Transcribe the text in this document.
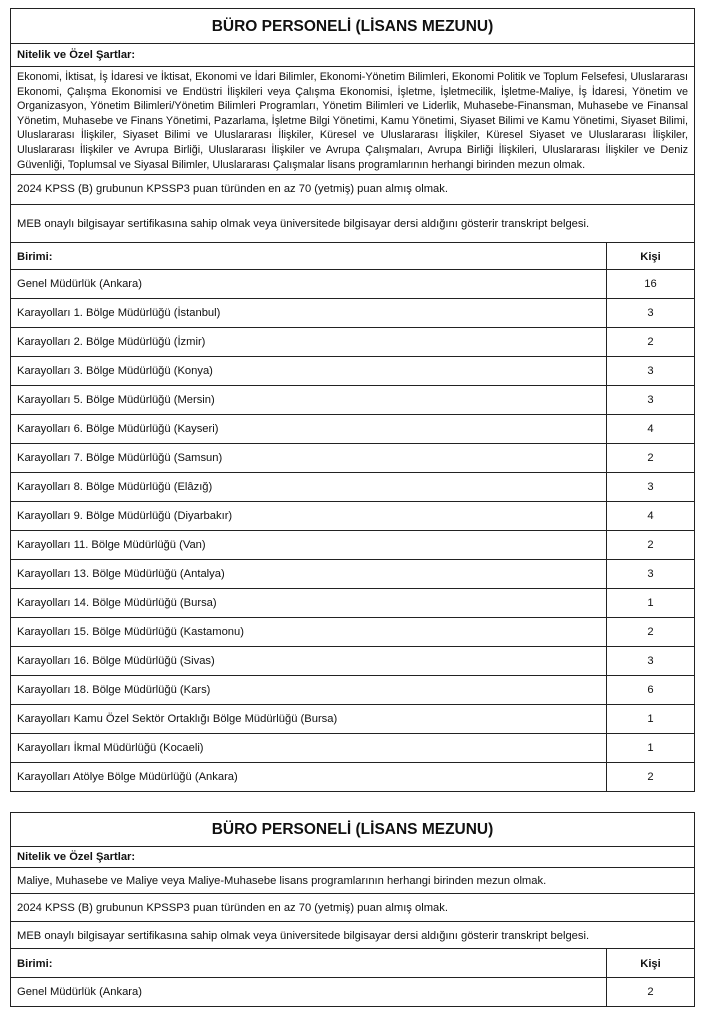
BÜRO PERSONELİ (LİSANS MEZUNU)
Nitelik ve Özel Şartlar:
Ekonomi, İktisat, İş İdaresi ve İktisat, Ekonomi ve İdari Bilimler, Ekonomi-Yönetim Bilimleri, Ekonomi Politik ve Toplum Felsefesi, Uluslararası Ekonomi, Çalışma Ekonomisi ve Endüstri İlişkileri veya Çalışma Ekonomisi, İşletme, İşletmecilik, İşletme-Maliye, İş İdaresi, Yönetim ve Organizasyon, Yönetim Bilimleri/Yönetim Bilimleri Programları, Yönetim Bilimleri ve Liderlik, Muhasebe-Finansman, Muhasebe ve Finansal Yönetim, Muhasebe ve Finans Yönetimi, Pazarlama, İşletme Bilgi Yönetimi, Kamu Yönetimi, Siyaset Bilimi ve Kamu Yönetimi, Siyaset Bilimi, Uluslararası İlişkiler, Siyaset Bilimi ve Uluslararası İlişkiler, Küresel ve Uluslararası İlişkiler, Küresel Siyaset ve Uluslararası İlişkiler, Uluslararası İlişkiler ve Avrupa Birliği, Uluslararası İlişkiler ve Avrupa Çalışmaları, Avrupa Birliği İlişkileri, Uluslararası İlişkiler ve Deniz Güvenliği, Toplumsal ve Siyasal Bilimler, Uluslararası Çalışmalar lisans programlarının herhangi birinden mezun olmak.
2024 KPSS (B) grubunun KPSSP3 puan türünden en az 70 (yetmiş) puan almış olmak.
MEB onaylı bilgisayar sertifikasına sahip olmak veya üniversitede bilgisayar dersi aldığını gösterir transkript belgesi.
Birimi:	Kişi
Genel Müdürlük (Ankara)	16
Karayolları 1. Bölge Müdürlüğü (İstanbul)	3
Karayolları 2. Bölge Müdürlüğü (İzmir)	2
Karayolları 3. Bölge Müdürlüğü (Konya)	3
Karayolları 5. Bölge Müdürlüğü (Mersin)	3
Karayolları 6. Bölge Müdürlüğü (Kayseri)	4
Karayolları 7. Bölge Müdürlüğü (Samsun)	2
Karayolları 8. Bölge Müdürlüğü (Elâzığ)	3
Karayolları 9. Bölge Müdürlüğü (Diyarbakır)	4
Karayolları 11. Bölge Müdürlüğü (Van)	2
Karayolları 13. Bölge Müdürlüğü (Antalya)	3
Karayolları 14. Bölge Müdürlüğü (Bursa)	1
Karayolları 15. Bölge Müdürlüğü (Kastamonu)	2
Karayolları 16. Bölge Müdürlüğü (Sivas)	3
Karayolları 18. Bölge Müdürlüğü (Kars)	6
Karayolları Kamu Özel Sektör Ortaklığı Bölge Müdürlüğü (Bursa)	1
Karayolları İkmal Müdürlüğü (Kocaeli)	1
Karayolları Atölye Bölge Müdürlüğü (Ankara)	2
BÜRO PERSONELİ (LİSANS MEZUNU)
Nitelik ve Özel Şartlar:
Maliye, Muhasebe ve Maliye veya Maliye-Muhasebe lisans programlarının herhangi birinden mezun olmak.
2024 KPSS (B) grubunun KPSSP3 puan türünden en az 70 (yetmiş) puan almış olmak.
MEB onaylı bilgisayar sertifikasına sahip olmak veya üniversitede bilgisayar dersi aldığını gösterir transkript belgesi.
Birimi:	Kişi
Genel Müdürlük (Ankara)	2
